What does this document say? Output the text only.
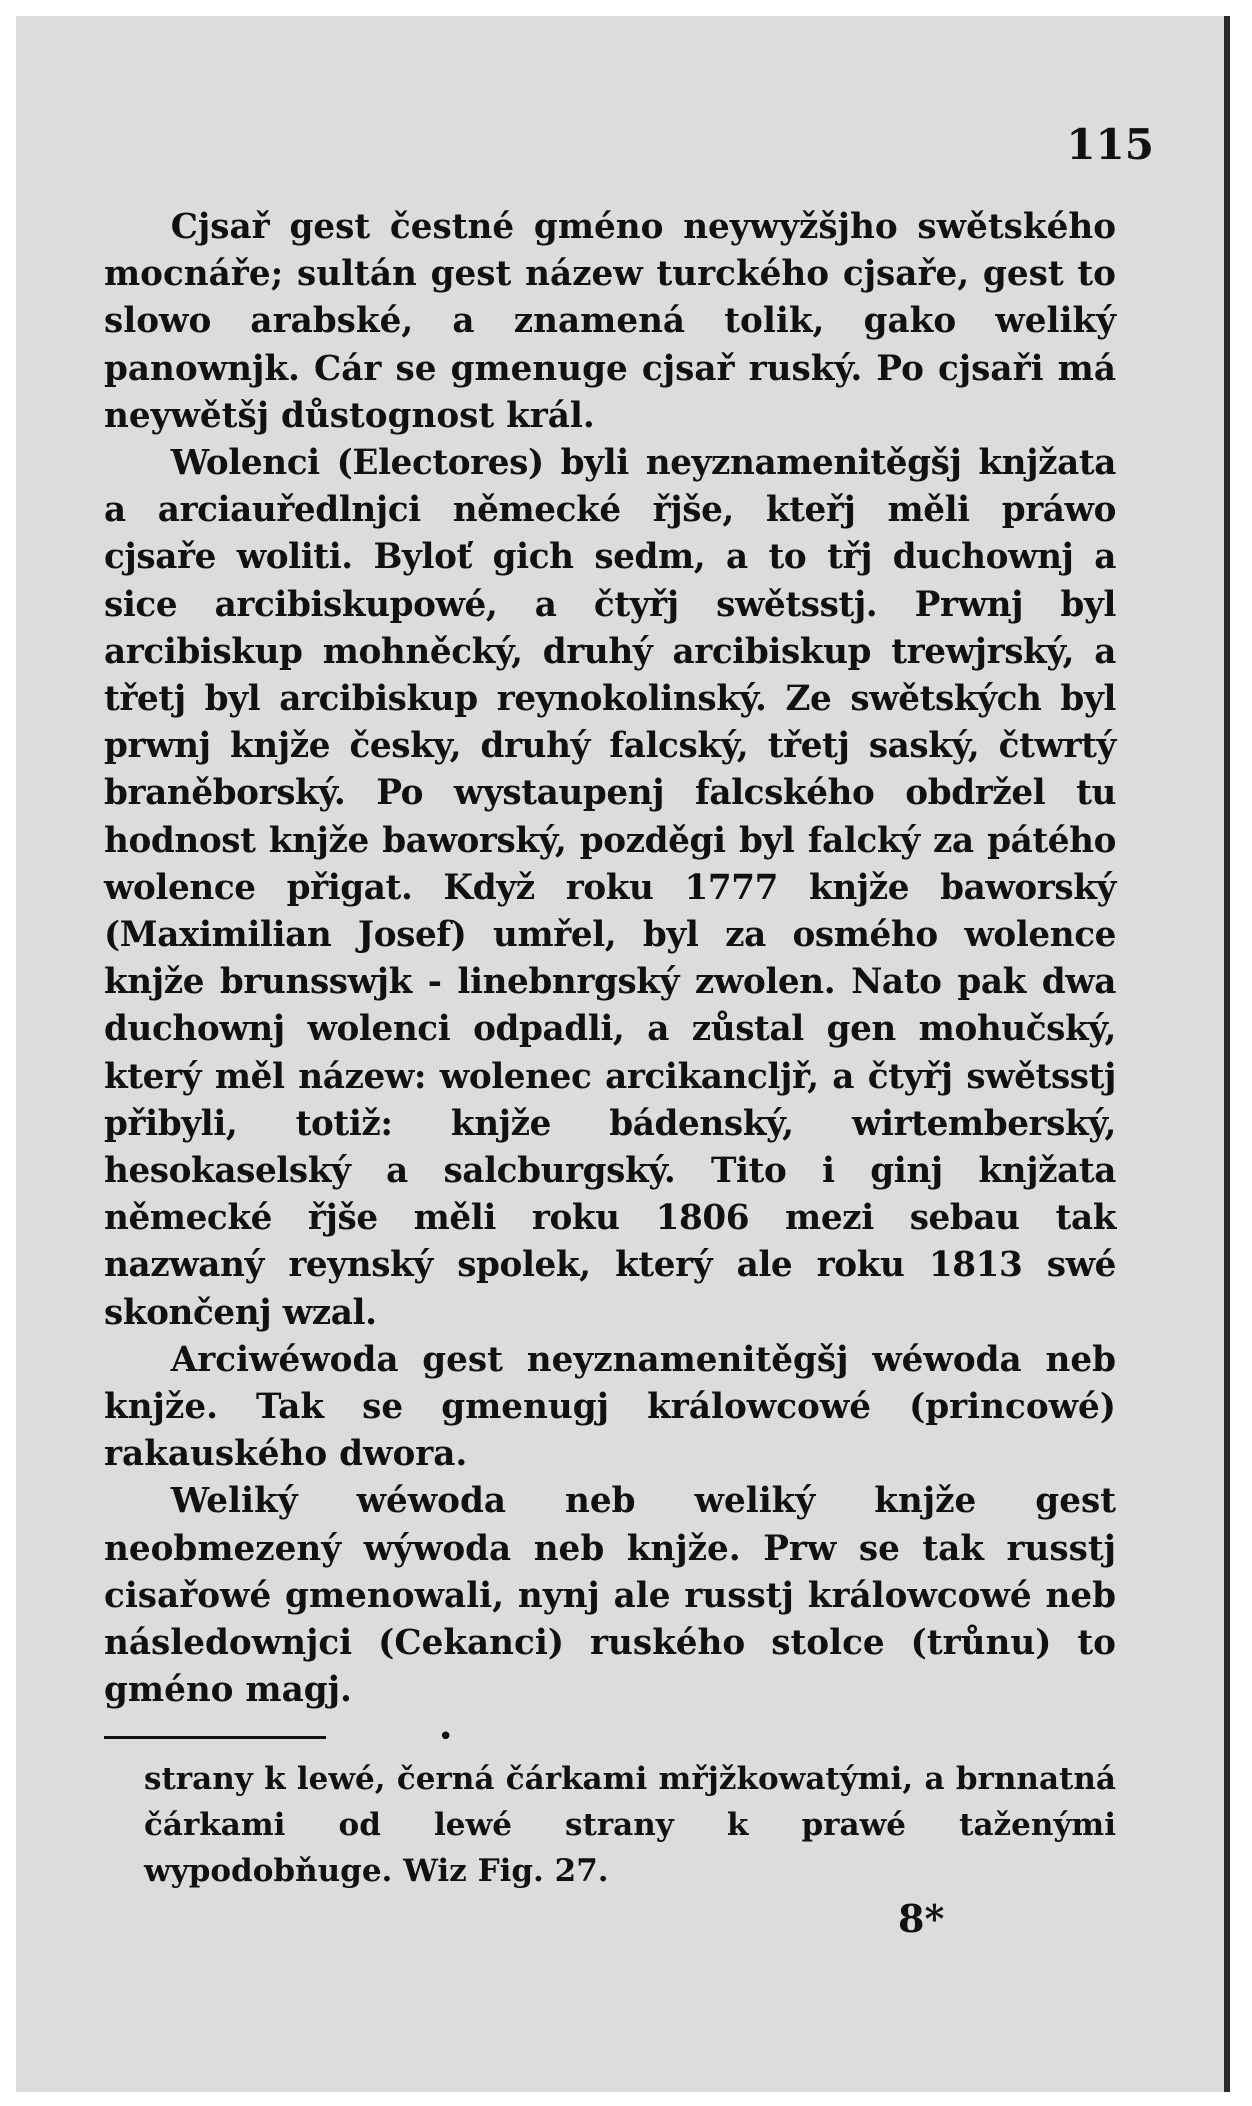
115

Cjsař gest čestné gméno neywyžšjho swětského mocnáře; sultán gest názew turckého cjsaře, gest to slowo arabské, a znamená tolik, gako weliký panownjk. Cár se gmenuge cjsař ruský. Po cjsaři má neywětšj důstognost král.

Wolenci (Electores) byli neyznamenitěgšj knjžata a arciauředlnjci německé řjše, kteřj měli práwo cjsaře woliti. Byloť gich sedm, a to třj duchownj a sice arcibiskupowé, a čtyřj swětsstj. Prwnj byl arcibiskup mohněcký, druhý arcibiskup trewjrský, a třetj byl arcibiskup reynokolinský. Ze swětských byl prwnj knjže česky, druhý falcský, třetj saský, čtwrtý braněborský. Po wystaupenj falcského obdržel tu hodnost knjže baworský, pozděgi byl falcký za pátého wolence přigat. Když roku 1777 knjže baworský (Maximilian Josef) umřel, byl za osmého wolence knjže brunsswjk - linebnrgský zwolen. Nato pak dwa duchownj wolenci odpadli, a zůstal gen mohučský, který měl názew: wolenec arcikancljř, a čtyřj swětsstj přibyli, totiž: knjže bádenský, wirtemberský, hesokaselský a salcburgský. Tito i ginj knjžata německé řjše měli roku 1806 mezi sebau tak nazwaný reynský spolek, který ale roku 1813 swé skončenj wzal.

Arciwéwoda gest neyznamenitěgšj wéwoda neb knjže. Tak se gmenugj králowcowé (princowé) rakauského dwora.

Weliký wéwoda neb weliký knjže gest neobmezený wýwoda neb knjže. Prw se tak russtj cisařowé gmenowali, nynj ale russtj králowcowé neb následownjci (Cekanci) ruského stolce (trůnu) to gméno magj.

•

strany k lewé, černá čárkami mřjžkowatými, a brnnatná čárkami od lewé strany k prawé taženými wypodobňuge. Wiz Fig. 27.

8*
